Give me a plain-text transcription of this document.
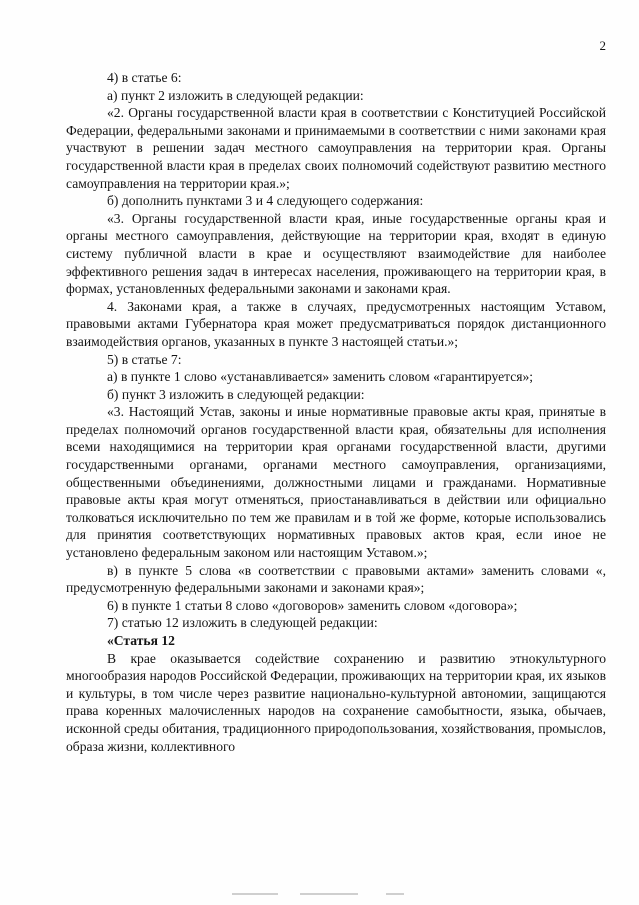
2

4) в статье 6:

а) пункт 2 изложить в следующей редакции:

«2. Органы государственной власти края в соответствии с Конституцией Российской Федерации, федеральными законами и принимаемыми в соответствии с ними законами края участвуют в решении задач местного самоуправления на территории края. Органы государственной власти края в пределах своих полномочий содействуют развитию местного самоуправления на территории края.»;

б) дополнить пунктами 3 и 4 следующего содержания:

«3. Органы государственной власти края, иные государственные органы края и органы местного самоуправления, действующие на территории края, входят в единую систему публичной власти в крае и осуществляют взаимодействие для наиболее эффективного решения задач в интересах населения, проживающего на территории края, в формах, установленных федеральными законами и законами края.

4. Законами края, а также в случаях, предусмотренных настоящим Уставом, правовыми актами Губернатора края может предусматриваться порядок дистанционного взаимодействия органов, указанных в пункте 3 настоящей статьи.»;

5) в статье 7:

а) в пункте 1 слово «устанавливается» заменить словом «гарантируется»;

б) пункт 3 изложить в следующей редакции:

«3. Настоящий Устав, законы и иные нормативные правовые акты края, принятые в пределах полномочий органов государственной власти края, обязательны для исполнения всеми находящимися на территории края органами государственной власти, другими государственными органами, органами местного самоуправления, организациями, общественными объединениями, должностными лицами и гражданами. Нормативные правовые акты края могут отменяться, приостанавливаться в действии или официально толковаться исключительно по тем же правилам и в той же форме, которые использовались для принятия соответствующих нормативных правовых актов края, если иное не установлено федеральным законом или настоящим Уставом.»;

в) в пункте 5 слова «в соответствии с правовыми актами» заменить словами «, предусмотренную федеральными законами и законами края»;

6) в пункте 1 статьи 8 слово «договоров» заменить словом «договора»;

7) статью 12 изложить в следующей редакции:

«Статья 12

В крае оказывается содействие сохранению и развитию этнокультурного многообразия народов Российской Федерации, проживающих на территории края, их языков и культуры, в том числе через развитие национально-культурной автономии, защищаются права коренных малочисленных народов на сохранение самобытности, языка, обычаев, исконной среды обитания, традиционного природопользования, хозяйствования, промыслов, образа жизни, коллективного
